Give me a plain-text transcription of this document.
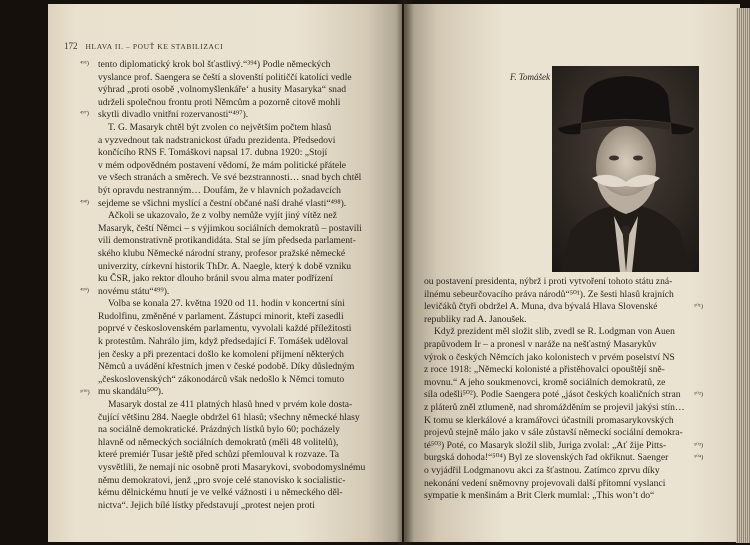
172 HLAVA II. – POUŤ KE STABILIZACI
tento diplomatický krok bol šťastlivý.“³⁹⁴) Podle německých
vyslance prof. Saengera se čeští a slovenští političčí katolíci vedle
výhrad „proti osobě ‚volnomyšlenkáře‘ a husity Masaryka“ snad
udrželi společnou frontu proti Němcům a pozorně citově mohli
skytli divadlo vnitřní rozervanosti“⁴⁹⁷).
T. G. Masaryk chtěl být zvolen co největším počtem hlasů
a vyzvednout tak nadstranickost úřadu prezidenta. Předsedovi
končícího RNS F. Tomáškovi napsal 17. dubna 1920: „Stojí
v mém odpovědném postavení vědomí, že mám politické přátele
ve všech stranách a směrech. Ve své bezstrannosti… snad bych chtěl
být opravdu nestranným… Doufám, že v hlavních požadavcích
sejdeme se všichni myslící a čestní občané naší drahé vlasti“⁴⁹⁸).
Ačkoli se ukazovalo, že z volby nemůže vyjít jiný vítěz než
Masaryk, čeští Němci – s výjimkou sociálních demokratů – postavili
vili demonstrativně protikandidáta. Stal se jím předseda parlament-
ského klubu Německé národní strany, profesor pražské německé
univerzity, církevní historik ThDr. A. Naegle, který k době vzniku
ku ČSR, jako rektor dlouho bránil svou alma mater podřízení
novému státu“⁴⁹⁹).
Volba se konala 27. května 1920 od 11. hodin v koncertní síni
Rudolfinu, změněné v parlament. Zástupci minorit, kteří zasedli
poprvé v československém parlamentu, vyvolali každé příležitosti
k protestům. Nahrálo jim, když předsedající F. Tomášek uděloval
jen česky a při prezentaci došlo ke komolení příjmení některých
Němců a uvádění křestních jmen v české podobě. Díky důsledným
„československých“ zákonodárců však nedošlo k Němci tomuto
mu skandálu⁵⁰⁰).
Masaryk dostal ze 411 platných hlasů hned v prvém kole dosta-
čující většinu 284. Naegle obdržel 61 hlasů; všechny německé hlasy
na sociálně demokratické. Prázdných lístků bylo 60; pocházely
hlavně od německých sociálních demokratů (měli 48 volitelů),
které premiér Tusar ještě před schůzí přemlouval k rozvaze. Ta
vysvětlili, že nemají nic osobně proti Masarykovi, svobodomyslnému
němu demokratovi, jenž „pro svoje celé stanovisko k socialistic-
kému dělnickému hnutí je ve velké vážnosti i u německého děl-
nictva“. Jejich bílé lístky představují „protest nejen proti
⁴⁹⁵)
⁴⁹⁷)
⁴⁹⁸)
⁴⁹⁹)
⁵⁰⁰)
F. Tomášek
ou postavení presidenta, nýbrž i proti vytvoření tohoto státu zná-
ilnému sebeurčovacího práva národů“⁵⁰¹). Ze šesti hlasů krajních
levičáků čtyři obdržel A. Muna, dva bývalá Hlava Slovenské
republiky rad A. Janoušek.
Když prezident měl složit slib, zvedl se R. Lodgman von Auen
prapůvodem Ir – a pronesl v naráže na nešťastný Masarykův
výrok o českých Němcích jako kolonistech v prvém poselství NS
z roce 1918: „Německí kolonisté a přistěhovalci opouštějí sně-
movnu.“ A jeho soukmenovci, kromě sociálních demokratů, ze
síla odešli⁵⁰²). Podle Saengera poté „jásot českých koaličních stran
z pláterů zněl ztlumeně, nad shromážděním se projevil jakýsi stín…
K tomu se klerkálové a kramářovci účastnili promasarykovských
projevů stejně málo jako v sále zůstavší německí sociální demokra-
té⁵⁰³) Poté, co Masaryk složil slib, Juriga zvolal: „Ať žije Pitts-
burgská dohoda!“⁵⁰⁴) Byl ze slovenských řad okřiknut. Saenger
o vyjádřil Lodgmanovu akci za šťastnou. Zatímco zprvu díky
nekonání vedení sněmovny projevovali další přítomní vyslanci
sympatie k menšinám a Brit Clerk mumlal: „This won’t do“
⁵⁰¹)
⁵⁰²)
⁵⁰³)
⁵⁰⁴)
